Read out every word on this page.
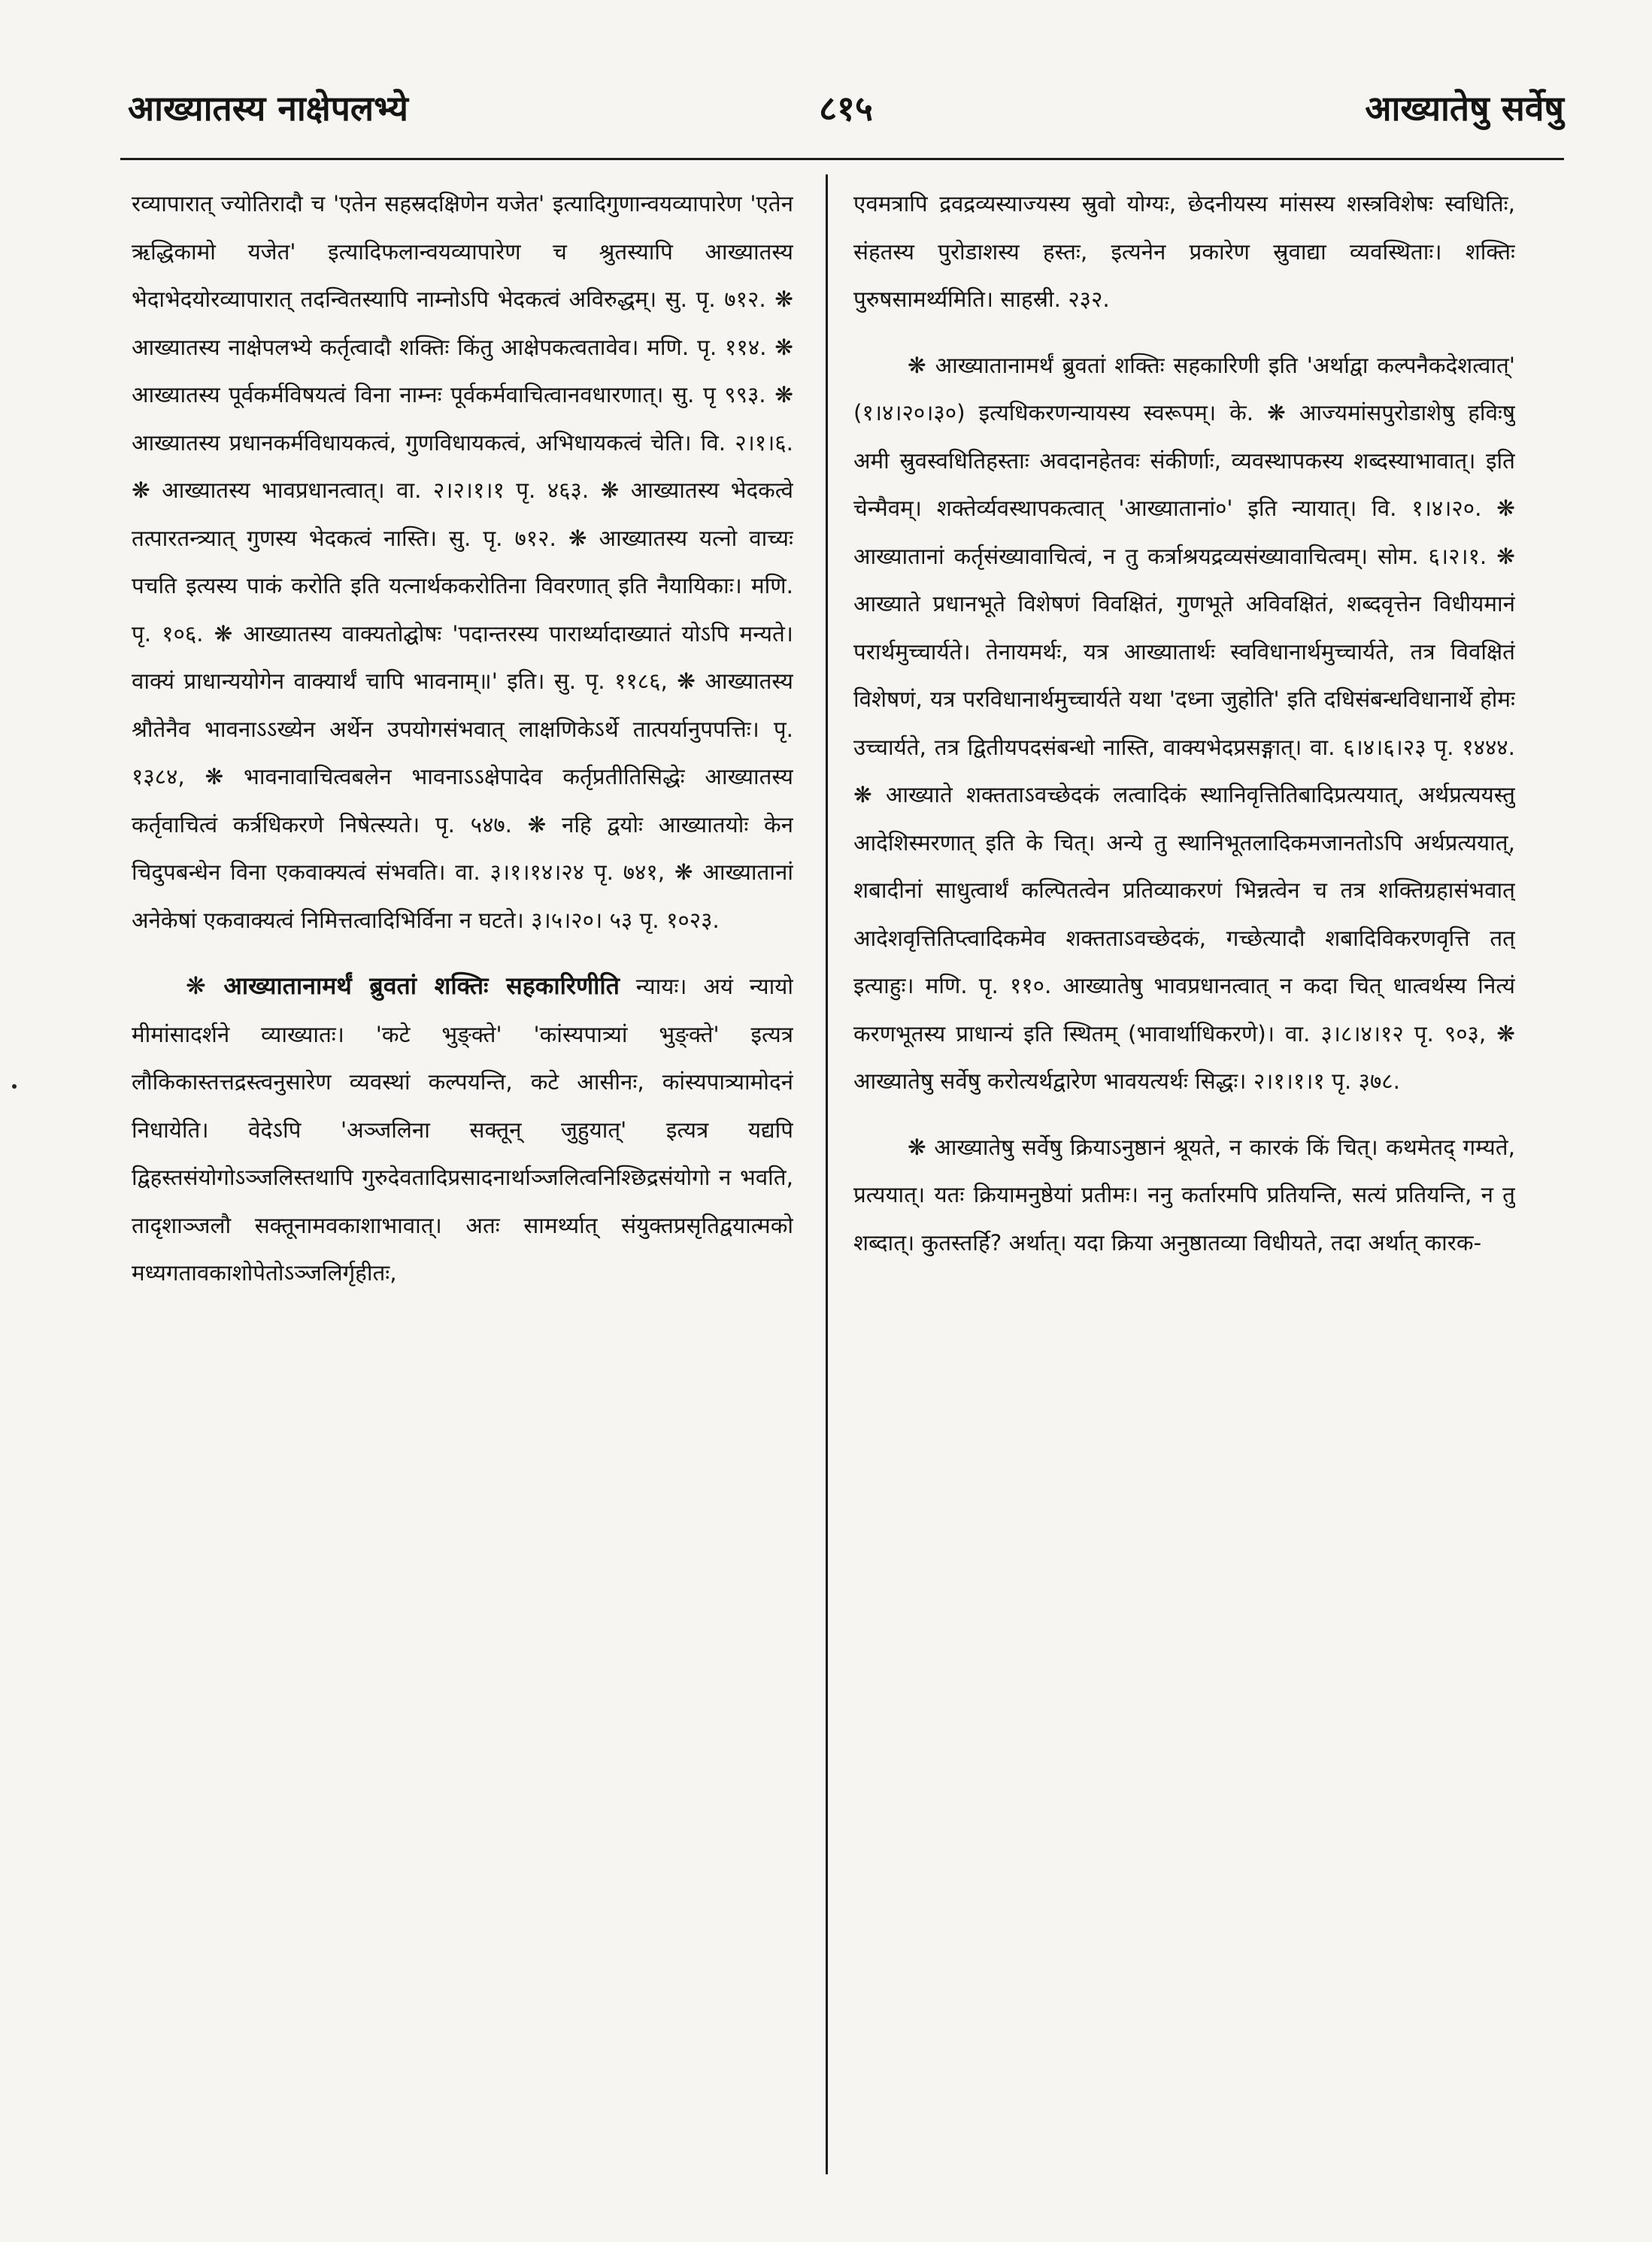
८१५
आख्यातस्य नाक्षेपलभ्ये	आख्यातेषु सर्वेषु

रव्यापारात् ज्योतिरादौ च 'एतेन सहस्रदक्षिणेन यजेत' इत्यादिगुणान्वयव्यापारेण 'एतेन ऋद्धिकामो यजेत' इत्यादिफलान्वयव्यापारेण च श्रुतस्यापि आख्यातस्य भेदाभेदयोरव्यापारात् तदन्वितस्यापि नाम्नोऽपि भेदकत्वं अविरुद्धम्। सु. पृ. ७१२. ❋ आख्यातस्य नाक्षेपलभ्ये कर्तृत्वादौ शक्तिः किंतु आक्षेपकत्वतावेव। मणि. पृ. ११४. ❋ आख्यातस्य पूर्वकर्मविषयत्वं विना नाम्नः पूर्वकर्मवाचित्वानवधारणात्। सु. पृ ९९३. ❋ आख्यातस्य प्रधानकर्मविधायकत्वं, गुणविधायकत्वं, अभिधायकत्वं चेति। वि. २।१।६. ❋ आख्यातस्य भावप्रधानत्वात्। वा. २।२।१।१ पृ. ४६३. ❋ आख्यातस्य भेदकत्वे तत्पारतन्त्र्यात् गुणस्य भेदकत्वं नास्ति। सु. पृ. ७१२. ❋ आख्यातस्य यत्नो वाच्यः पचति इत्यस्य पाकं करोति इति यत्नार्थककरोतिना विवरणात् इति नैयायिकाः। मणि. पृ. १०६. ❋ आख्यातस्य वाक्यतोद्घोषः 'पदान्तरस्य पारार्थ्यादाख्यातं योऽपि मन्यते। वाक्यं प्राधान्ययोगेन वाक्यार्थं चापि भावनाम्॥' इति। सु. पृ. ११८६, ❋ आख्यातस्य श्रौतेनैव भावनाऽऽख्येन अर्थेन उपयोगसंभवात् लाक्षणिकेऽर्थे तात्पर्यानुपपत्तिः। पृ. १३८४, ❋ भावनावाचित्वबलेन भावनाऽऽक्षेपादेव कर्तृप्रतीतिसिद्धेः आख्यातस्य कर्तृवाचित्वं कर्त्रधिकरणे निषेत्स्यते। पृ. ५४७. ❋ नहि द्वयोः आख्यातयोः केन चिदुपबन्धेन विना एकवाक्यत्वं संभवति। वा. ३।१।१४।२४ पृ. ७४१, ❋ आख्यातानां अनेकेषां एकवाक्यत्वं निमित्तत्वादिभिर्विना न घटते। ३।५।२०। ५३ पृ. १०२३.

❋ आख्यातानामर्थं ब्रुवतां शक्तिः सहकारिणीति न्यायः। अयं न्यायो मीमांसादर्शने व्याख्यातः। 'कटे भुङ्क्ते' 'कांस्यपात्र्यां भुङ्क्ते' इत्यत्र लौकिकास्तत्तद्रस्त्वनुसारेण व्यवस्थां कल्पयन्ति, कटे आसीनः, कांस्यपात्र्यामोदनं निधायेति। वेदेऽपि 'अञ्जलिना सक्तून् जुहुयात्' इत्यत्र यद्यपि द्विहस्तसंयोगोऽञ्जलिस्तथापि गुरुदेवतादिप्रसादनार्थाञ्जलित्वनिश्छिद्रसंयोगो न भवति, तादृशाञ्जलौ सक्तूनामवकाशाभावात्। अतः सामर्थ्यात् संयुक्तप्रसृतिद्वयात्मको मध्यगतावकाशोपेतोऽञ्जलिर्गृहीतः,

एवमत्रापि द्रवद्रव्यस्याज्यस्य स्रुवो योग्यः, छेदनीयस्य मांसस्य शस्त्रविशेषः स्वधितिः, संहतस्य पुरोडाशस्य हस्तः, इत्यनेन प्रकारेण स्रुवाद्या व्यवस्थिताः। शक्तिः पुरुषसामर्थ्यमिति। साहस्री. २३२.

❋ आख्यातानामर्थं ब्रुवतां शक्तिः सहकारिणी इति 'अर्थाद्वा कल्पनैकदेशत्वात्' (१।४।२०।३०) इत्यधिकरणन्यायस्य स्वरूपम्। के. ❋ आज्यमांसपुरोडाशेषु हविःषु अमी स्रुवस्वधितिहस्ताः अवदानहेतवः संकीर्णाः, व्यवस्थापकस्य शब्दस्याभावात्। इति चेन्मैवम्। शक्तेर्व्यवस्थापकत्वात् 'आख्यातानां०' इति न्यायात्। वि. १।४।२०. ❋ आख्यातानां कर्तृसंख्यावाचित्वं, न तु कर्त्राश्रयद्रव्यसंख्यावाचित्वम्। सोम. ६।२।१. ❋ आख्याते प्रधानभूते विशेषणं विवक्षितं, गुणभूते अविवक्षितं, शब्दवृत्तेन विधीयमानं परार्थमुच्चार्यते। तेनायमर्थः, यत्र आख्यातार्थः स्वविधानार्थमुच्चार्यते, तत्र विवक्षितं विशेषणं, यत्र परविधानार्थमुच्चार्यते यथा 'दध्ना जुहोति' इति दधिसंबन्धविधानार्थे होमः उच्चार्यते, तत्र द्वितीयपदसंबन्धो नास्ति, वाक्यभेदप्रसङ्गात्। वा. ६।४।६।२३ पृ. १४४४. ❋ आख्याते शक्तताऽवच्छेदकं लत्वादिकं स्थानिवृत्तितिबादिप्रत्ययात्, अर्थप्रत्ययस्तु आदेशिस्मरणात् इति के चित्। अन्ये तु स्थानिभूतलादिकमजानतोऽपि अर्थप्रत्ययात्, शबादीनां साधुत्वार्थं कल्पितत्वेन प्रतिव्याकरणं भिन्नत्वेन च तत्र शक्तिग्रहासंभवात् आदेशवृत्तितिप्त्वादिकमेव शक्तताऽवच्छेदकं, गच्छेत्यादौ शबादिविकरणवृत्ति तत् इत्याहुः। मणि. पृ. ११०. आख्यातेषु भावप्रधानत्वात् न कदा चित् धात्वर्थस्य नित्यं करणभूतस्य प्राधान्यं इति स्थितम् (भावार्थाधिकरणे)। वा. ३।८।४।१२ पृ. ९०३, ❋ आख्यातेषु सर्वेषु करोत्यर्थद्वारेण भावयत्यर्थः सिद्धः। २।१।१।१ पृ. ३७८.

❋ आख्यातेषु सर्वेषु क्रियाऽनुष्ठानं श्रूयते, न कारकं किं चित्। कथमेतद् गम्यते, प्रत्ययात्। यतः क्रियामनुष्ठेयां प्रतीमः। ननु कर्तारमपि प्रतियन्ति, सत्यं प्रतियन्ति, न तु शब्दात्। कुतस्तर्हि? अर्थात्। यदा क्रिया अनुष्ठातव्या विधीयते, तदा अर्थात् कारक-
